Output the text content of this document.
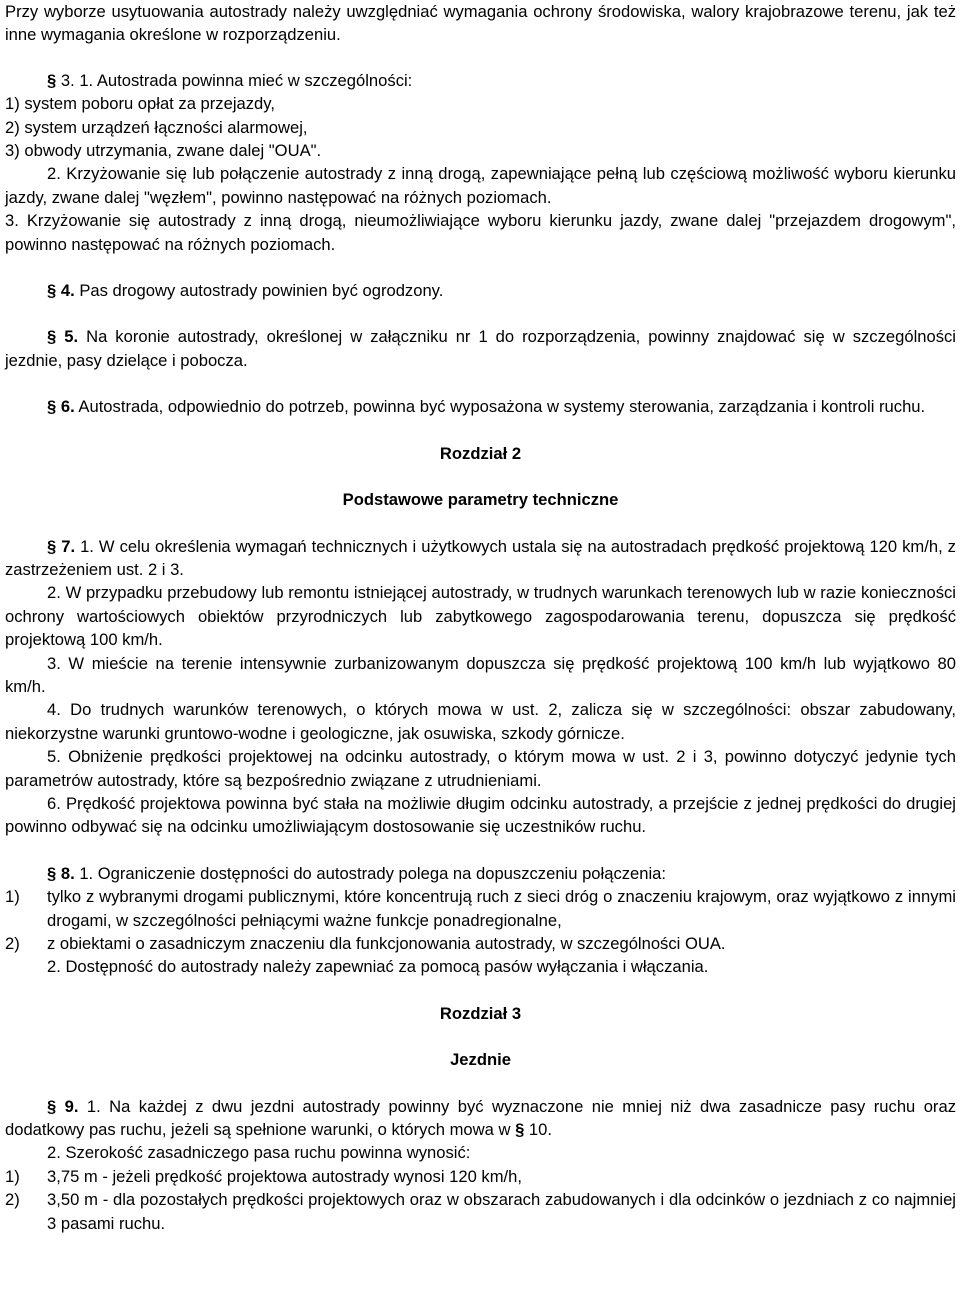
Przy wyborze usytuowania autostrady należy uwzględniać wymagania ochrony środowiska, walory krajobrazowe terenu, jak też inne wymagania określone w rozporządzeniu.

§ 3. 1. Autostrada powinna mieć w szczególności:

1) system poboru opłat za przejazdy,

2) system urządzeń łączności alarmowej,

3) obwody utrzymania, zwane dalej "OUA".

2. Krzyżowanie się lub połączenie autostrady z inną drogą, zapewniające pełną lub częściową możliwość wyboru kierunku jazdy, zwane dalej "węzłem", powinno następować na różnych poziomach.

3. Krzyżowanie się autostrady z inną drogą, nieumożliwiające wyboru kierunku jazdy, zwane dalej "przejazdem drogowym", powinno następować na różnych poziomach.

§ 4. Pas drogowy autostrady powinien być ogrodzony.

§ 5. Na koronie autostrady, określonej w załączniku nr 1 do rozporządzenia, powinny znajdować się w szczególności jezdnie, pasy dzielące i pobocza.

§ 6. Autostrada, odpowiednio do potrzeb, powinna być wyposażona w systemy sterowania, zarządzania i kontroli ruchu.

Rozdział 2

Podstawowe parametry techniczne

§ 7. 1. W celu określenia wymagań technicznych i użytkowych ustala się na autostradach prędkość projektową 120 km/h, z zastrzeżeniem ust. 2 i 3.

2. W przypadku przebudowy lub remontu istniejącej autostrady, w trudnych warunkach terenowych lub w razie konieczności ochrony wartościowych obiektów przyrodniczych lub zabytkowego zagospodarowania terenu, dopuszcza się prędkość projektową 100 km/h.

3. W mieście na terenie intensywnie zurbanizowanym dopuszcza się prędkość projektową 100 km/h lub wyjątkowo 80 km/h.

4. Do trudnych warunków terenowych, o których mowa w ust. 2, zalicza się w szczególności: obszar zabudowany, niekorzystne warunki gruntowo-wodne i geologiczne, jak osuwiska, szkody górnicze.

5. Obniżenie prędkości projektowej na odcinku autostrady, o którym mowa w ust. 2 i 3, powinno dotyczyć jedynie tych parametrów autostrady, które są bezpośrednio związane z utrudnieniami.

6. Prędkość projektowa powinna być stała na możliwie długim odcinku autostrady, a przejście z jednej prędkości do drugiej powinno odbywać się na odcinku umożliwiającym dostosowanie się uczestników ruchu.

§ 8. 1. Ograniczenie dostępności do autostrady polega na dopuszczeniu połączenia:

1)	tylko z wybranymi drogami publicznymi, które koncentrują ruch z sieci dróg o znaczeniu krajowym, oraz wyjątkowo z innymi drogami, w szczególności pełniącymi ważne funkcje ponadregionalne,
2)	z obiektami o zasadniczym znaczeniu dla funkcjonowania autostrady, w szczególności OUA.

2. Dostępność do autostrady należy zapewniać za pomocą pasów wyłączania i włączania.

Rozdział 3

Jezdnie

§ 9. 1. Na każdej z dwu jezdni autostrady powinny być wyznaczone nie mniej niż dwa zasadnicze pasy ruchu oraz dodatkowy pas ruchu, jeżeli są spełnione warunki, o których mowa w § 10.

2. Szerokość zasadniczego pasa ruchu powinna wynosić:

1)	3,75 m - jeżeli prędkość projektowa autostrady wynosi 120 km/h,
2)	3,50 m - dla pozostałych prędkości projektowych oraz w obszarach zabudowanych i dla odcinków o jezdniach z co najmniej 3 pasami ruchu.
